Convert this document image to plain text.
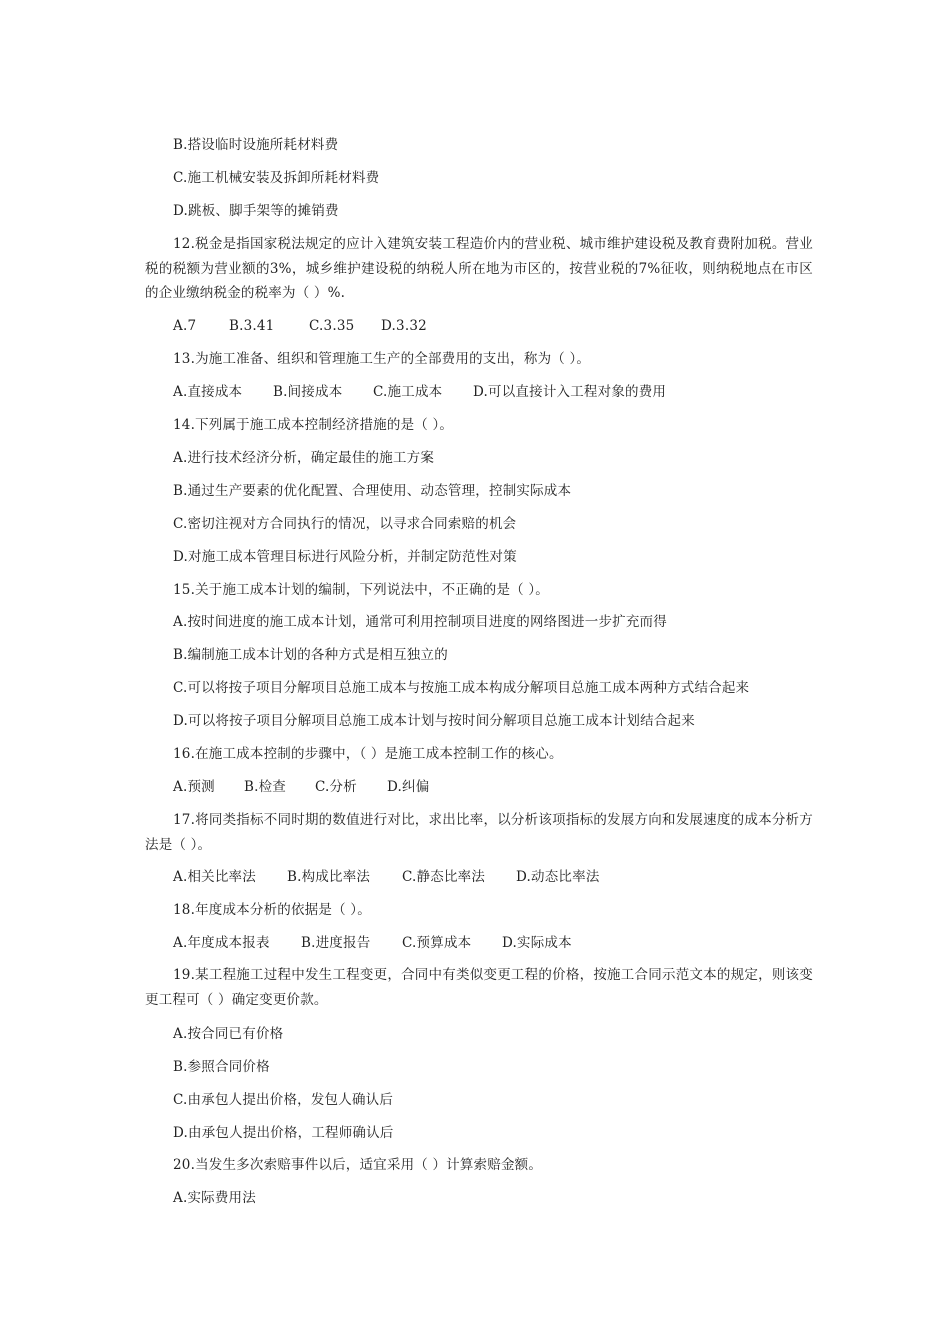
B.搭设临时设施所耗材料费
C.施工机械安装及拆卸所耗材料费
D.跳板、脚手架等的摊销费
12.税金是指国家税法规定的应计入建筑安装工程造价内的营业税、城市维护建设税及教育费附加税。营业税的税额为营业额的3%，城乡维护建设税的纳税人所在地为市区的，按营业税的7%征收，则纳税地点在市区的企业缴纳税金的税率为（ ）%.
A.7 B.3.41	C.3.35 D.3.32
13.为施工准备、组织和管理施工生产的全部费用的支出，称为（ ）。
A.直接成本 B.间接成本 C.施工成本 D.可以直接计入工程对象的费用
14.下列属于施工成本控制经济措施的是（ ）。
A.进行技术经济分析，确定最佳的施工方案
B.通过生产要素的优化配置、合理使用、动态管理，控制实际成本
C.密切注视对方合同执行的情况，以寻求合同索赔的机会
D.对施工成本管理目标进行风险分析，并制定防范性对策
15.关于施工成本计划的编制，下列说法中，不正确的是（ ）。
A.按时间进度的施工成本计划，通常可利用控制项目进度的网络图进一步扩充而得
B.编制施工成本计划的各种方式是相互独立的
C.可以将按子项目分解项目总施工成本与按施工成本构成分解项目总施工成本两种方式结合起来
D.可以将按子项目分解项目总施工成本计划与按时间分解项目总施工成本计划结合起来
16.在施工成本控制的步骤中，（ ）是施工成本控制工作的核心。
A.预测 B.检查 C.分析 D.纠偏
17.将同类指标不同时期的数值进行对比，求出比率，以分析该项指标的发展方向和发展速度的成本分析方法是（ ）。
A.相关比率法 B.构成比率法 C.静态比率法 D.动态比率法
18.年度成本分析的依据是（ ）。
A.年度成本报表 B.进度报告 C.预算成本 D.实际成本
19.某工程施工过程中发生工程变更，合同中有类似变更工程的价格，按施工合同示范文本的规定，则该变更工程可（ ）确定变更价款。
A.按合同已有价格
B.参照合同价格
C.由承包人提出价格，发包人确认后
D.由承包人提出价格，工程师确认后
20.当发生多次索赔事件以后，适宜采用（ ）计算索赔金额。
A.实际费用法
